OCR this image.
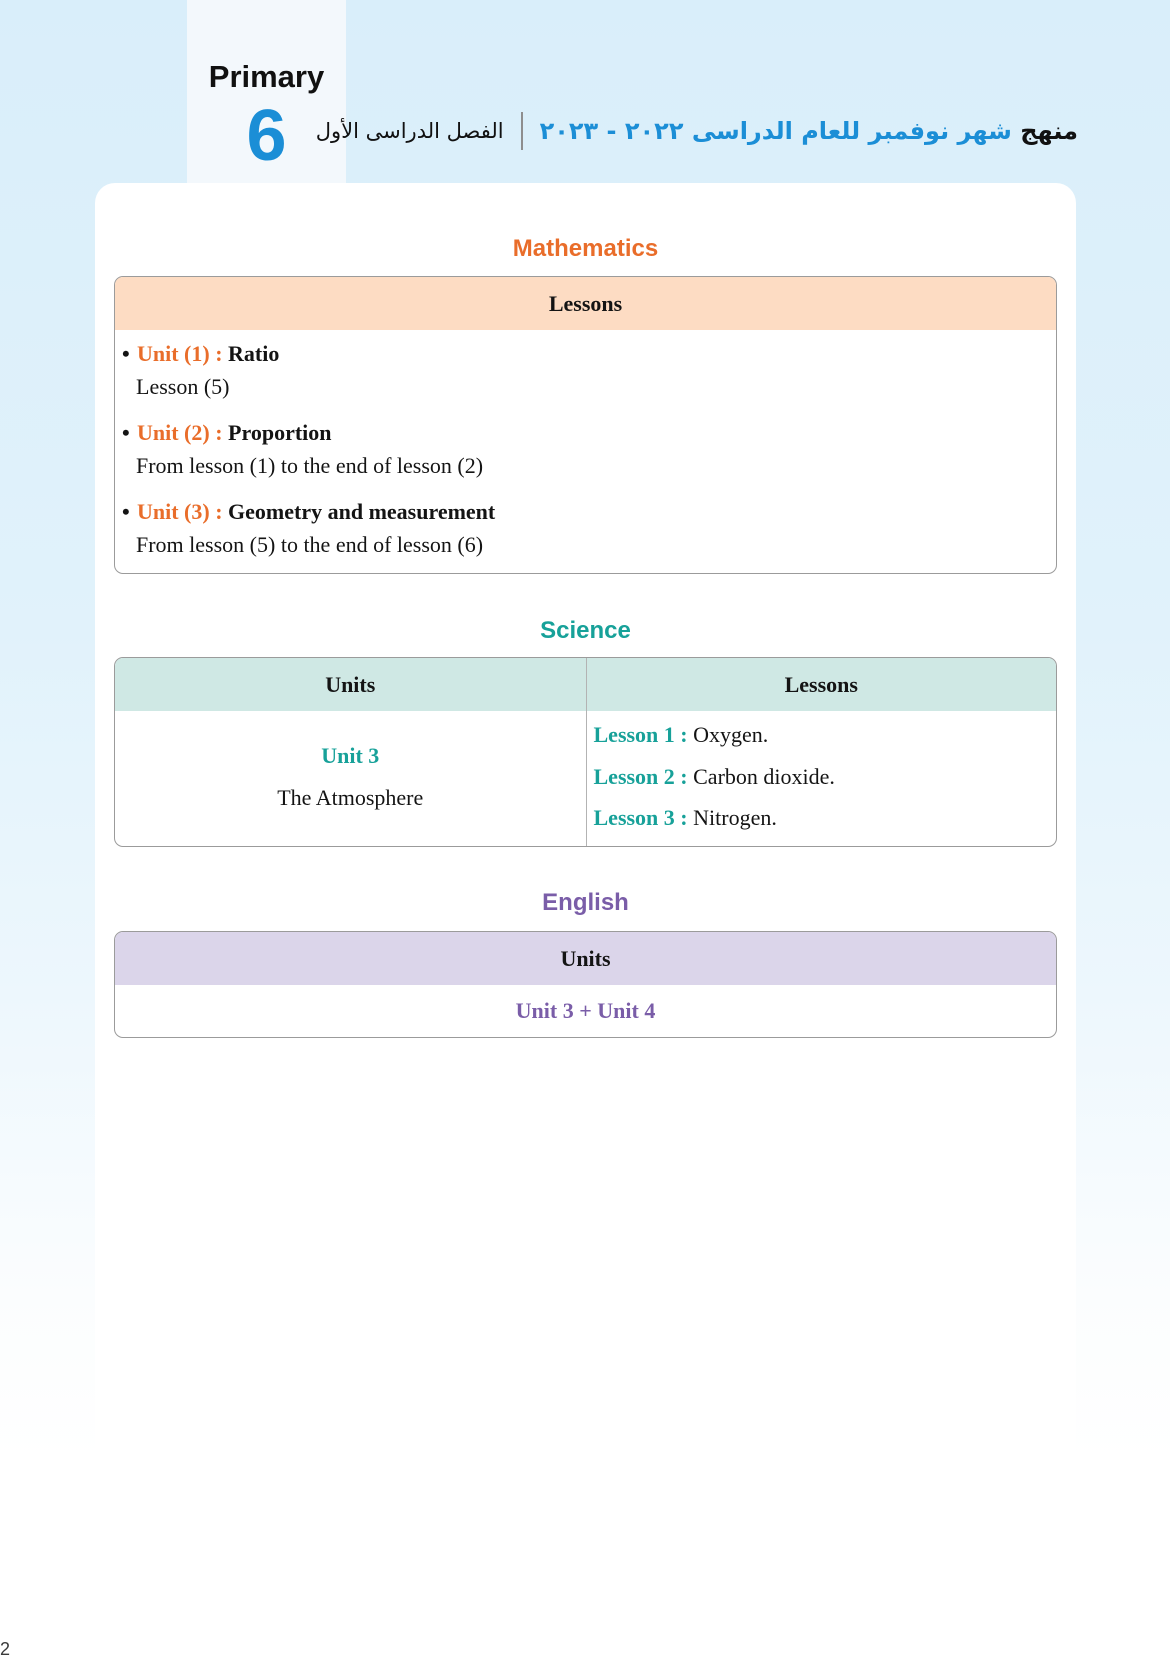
Primary
6	منهج شهر نوفمبر للعام الدراسى ٢٠٢٢ - ٢٠٢٣
الفصل الدراسى الأول
Mathematics
Lessons
•Unit (1) : Ratio
Lesson (5)
•Unit (2) : Proportion
From lesson (1) to the end of lesson (2)
•Unit (3) : Geometry and measurement
From lesson (5) to the end of lesson (6)
Science
Units	Lessons
Unit 3
The Atmosphere
Lesson 1 : Oxygen.
Lesson 2 : Carbon dioxide.
Lesson 3 : Nitrogen.
English
Units
Unit 3 + Unit 4
2
